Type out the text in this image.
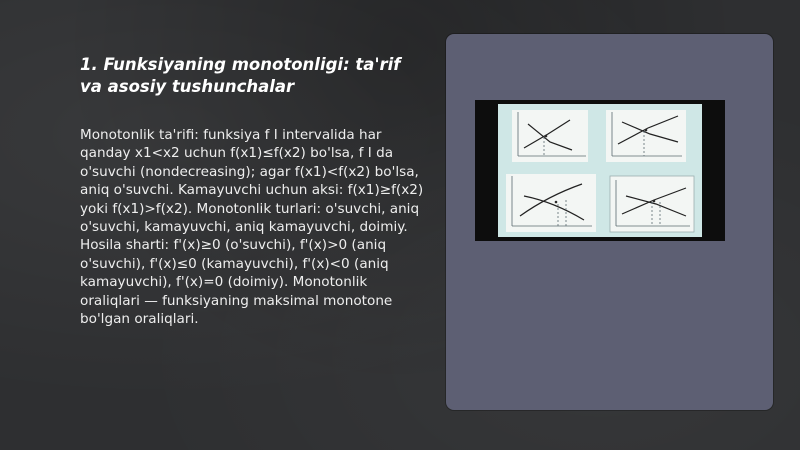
1. Funksiyaning monotonligi: ta'rif va asosiy tushunchalar

Monotonlik ta'rifi: funksiya f I intervalida har qanday x1<x2 uchun f(x1)≤f(x2) bo'lsa, f I da o'suvchi (nondecreasing); agar f(x1)<f(x2) bo'lsa, aniq o'suvchi. Kamayuvchi uchun aksi: f(x1)≥f(x2) yoki f(x1)>f(x2). Monotonlik turlari: o'suvchi, aniq o'suvchi, kamayuvchi, aniq kamayuvchi, doimiy. Hosila sharti: f'(x)≥0 (o'suvchi), f'(x)>0 (aniq o'suvchi), f'(x)≤0 (kamayuvchi), f'(x)<0 (aniq kamayuvchi), f'(x)=0 (doimiy). Monotonlik oraliqlari — funksiyaning maksimal monotone bo'lgan oraliqlari.
